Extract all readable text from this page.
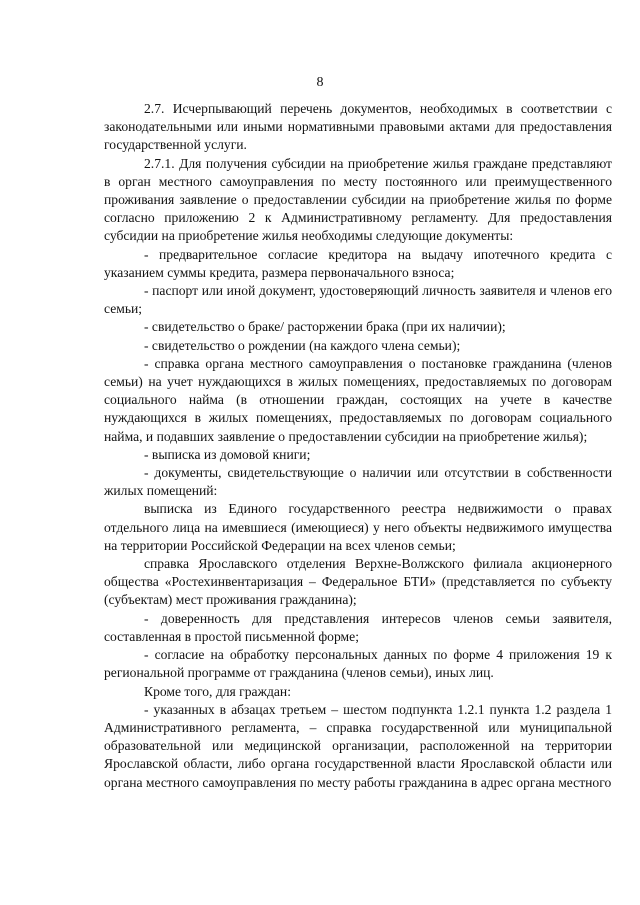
8

2.7. Исчерпывающий перечень документов, необходимых в соответствии с законодательными или иными нормативными правовыми актами для предоставления государственной услуги.

2.7.1. Для получения субсидии на приобретение жилья граждане представляют в орган местного самоуправления по месту постоянного или преимущественного проживания заявление о предоставлении субсидии на приобретение жилья по форме согласно приложению 2 к Административному регламенту. Для предоставления субсидии на приобретение жилья необходимы следующие документы:

- предварительное согласие кредитора на выдачу ипотечного кредита с указанием суммы кредита, размера первоначального взноса;

- паспорт или иной документ, удостоверяющий личность заявителя и членов его семьи;

- свидетельство о браке/ расторжении брака (при их наличии);

- свидетельство о рождении (на каждого члена семьи);

- справка органа местного самоуправления о постановке гражданина (членов семьи) на учет нуждающихся в жилых помещениях, предоставляемых по договорам социального найма (в отношении граждан, состоящих на учете в качестве нуждающихся в жилых помещениях, предоставляемых по договорам социального найма, и подавших заявление о предоставлении субсидии на приобретение жилья);

- выписка из домовой книги;

- документы, свидетельствующие о наличии или отсутствии в собственности жилых помещений:

выписка из Единого государственного реестра недвижимости о правах отдельного лица на имевшиеся (имеющиеся) у него объекты недвижимого имущества на территории Российской Федерации на всех членов семьи;

справка Ярославского отделения Верхне-Волжского филиала акционерного общества «Ростехинвентаризация – Федеральное БТИ» (представляется по субъекту (субъектам) мест проживания гражданина);

- доверенность для представления интересов членов семьи заявителя, составленная в простой письменной форме;

- согласие на обработку персональных данных по форме 4 приложения 19 к региональной программе от гражданина (членов семьи), иных лиц.

Кроме того, для граждан:

- указанных в абзацах третьем – шестом подпункта 1.2.1 пункта 1.2 раздела 1 Административного регламента, – справка государственной или муниципальной образовательной или медицинской организации, расположенной на территории Ярославской области, либо органа государственной власти Ярославской области или органа местного самоуправления по месту работы гражданина в адрес органа местного
